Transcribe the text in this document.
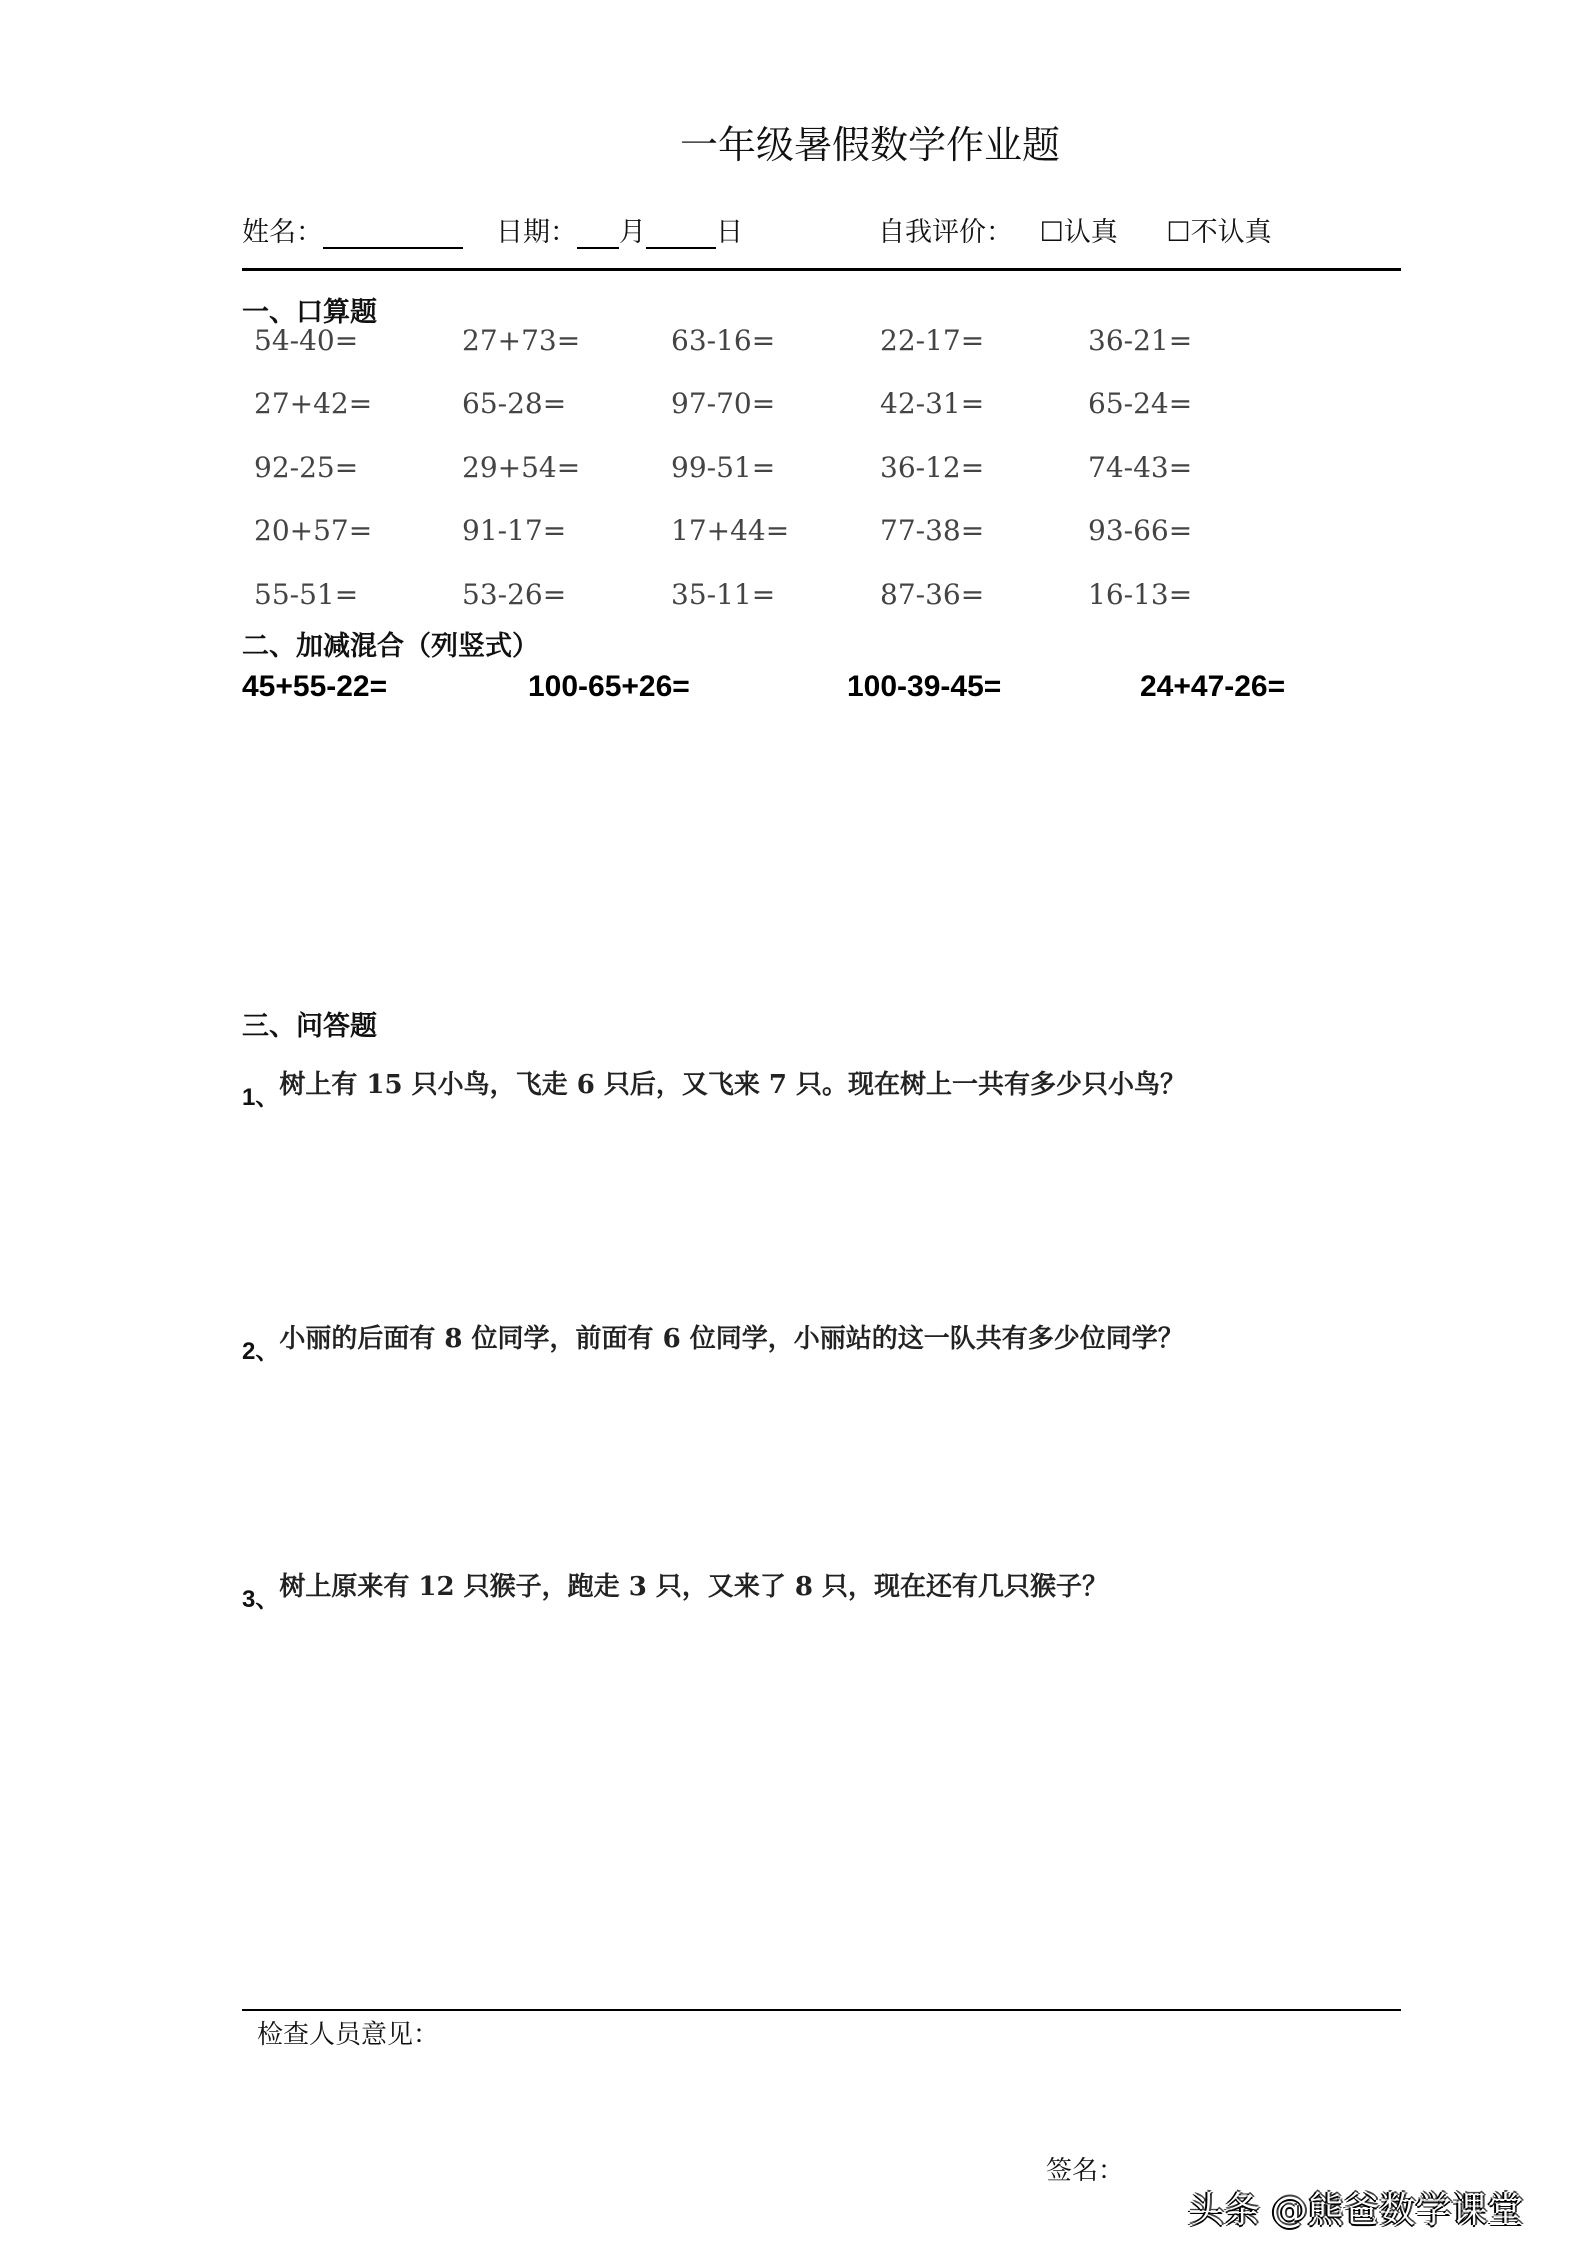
一年级暑假数学作业题
姓名：	日期： 月	日	自我评价： ☐认真 ☐不认真
一、口算题
54-40=	27+73=	63-16=	22-17=	36-21=
27+42=	65-28=	97-70=	42-31=	65-24=
92-25=	29+54=	99-51=	36-12=	74-43=
20+57=	91-17=	17+44=	77-38=	93-66=
55-51=	53-26=	35-11=	87-36=	16-13=
二、加减混合（列竖式）
45+55-22=	100-65+26=	100-39-45=	24+47-26=
三、问答题
1、树上有 15 只小鸟，飞走 6 只后，又飞来 7 只。现在树上一共有多少只小鸟？
2、小丽的后面有 8 位同学，前面有 6 位同学，小丽站的这一队共有多少位同学？
3、树上原来有 12 只猴子，跑走 3 只，又来了 8 只，现在还有几只猴子？
检查人员意见：
签名：
头条 @熊爸数学课堂
